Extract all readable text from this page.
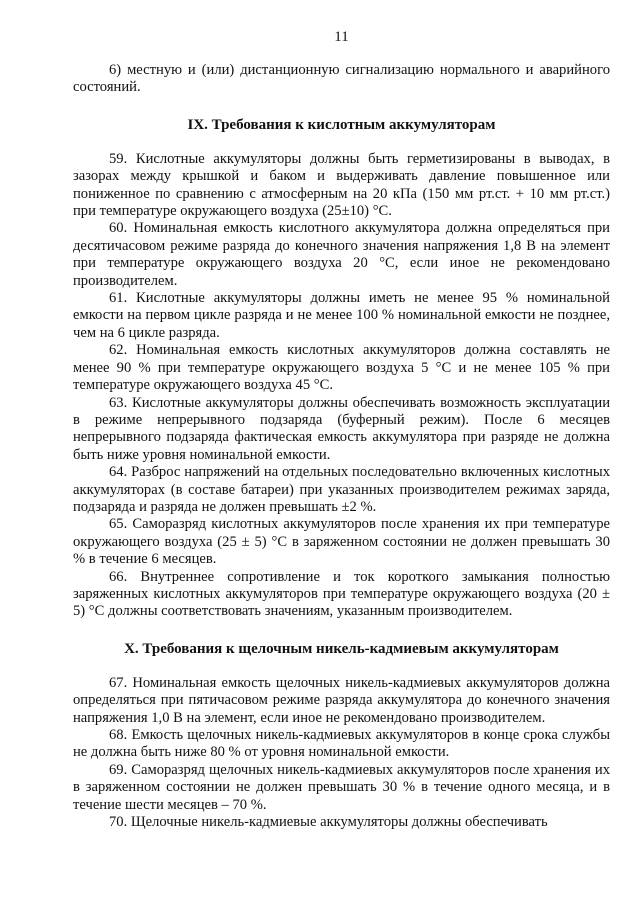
11

6) местную и (или) дистанционную сигнализацию нормального и аварийного состояний.

IX. Требования к кислотным аккумуляторам

59. Кислотные аккумуляторы должны быть герметизированы в выводах, в зазорах между крышкой и баком и выдерживать давление повышенное или пониженное по сравнению с атмосферным на 20 кПа (150 мм рт.ст. + 10 мм рт.ст.) при температуре окружающего воздуха (25±10) °С.

60. Номинальная емкость кислотного аккумулятора должна определяться при десятичасовом режиме разряда до конечного значения напряжения 1,8 В на элемент при температуре окружающего воздуха 20 °С, если иное не рекомендовано производителем.

61. Кислотные аккумуляторы должны иметь не менее 95 % номинальной емкости на первом цикле разряда и не менее 100 % номинальной емкости не позднее, чем на 6 цикле разряда.

62. Номинальная емкость кислотных аккумуляторов должна составлять не менее 90 % при температуре окружающего воздуха 5 °С и не менее 105 % при температуре окружающего воздуха 45 °С.

63. Кислотные аккумуляторы должны обеспечивать возможность эксплуатации в режиме непрерывного подзаряда (буферный режим). После 6 месяцев непрерывного подзаряда фактическая емкость аккумулятора при разряде не должна быть ниже уровня номинальной емкости.

64. Разброс напряжений на отдельных последовательно включенных кислотных аккумуляторах (в составе батареи) при указанных производителем режимах заряда, подзаряда и разряда не должен превышать ±2 %.

65. Саморазряд кислотных аккумуляторов после хранения их при температуре окружающего воздуха (25 ± 5) °С в заряженном состоянии не должен превышать 30 % в течение 6 месяцев.

66. Внутреннее сопротивление и ток короткого замыкания полностью заряженных кислотных аккумуляторов при температуре окружающего воздуха (20 ± 5) °С должны соответствовать значениям, указанным производителем.

X. Требования к щелочным никель-кадмиевым аккумуляторам

67. Номинальная емкость щелочных никель-кадмиевых аккумуляторов должна определяться при пятичасовом режиме разряда аккумулятора до конечного значения напряжения 1,0 В на элемент, если иное не рекомендовано производителем.

68. Емкость щелочных никель-кадмиевых аккумуляторов в конце срока службы не должна быть ниже 80 % от уровня номинальной емкости.

69. Саморазряд щелочных никель-кадмиевых аккумуляторов после хранения их в заряженном состоянии не должен превышать 30 % в течение одного месяца, и в течение шести месяцев – 70 %.

70. Щелочные никель-кадмиевые аккумуляторы должны обеспечивать
